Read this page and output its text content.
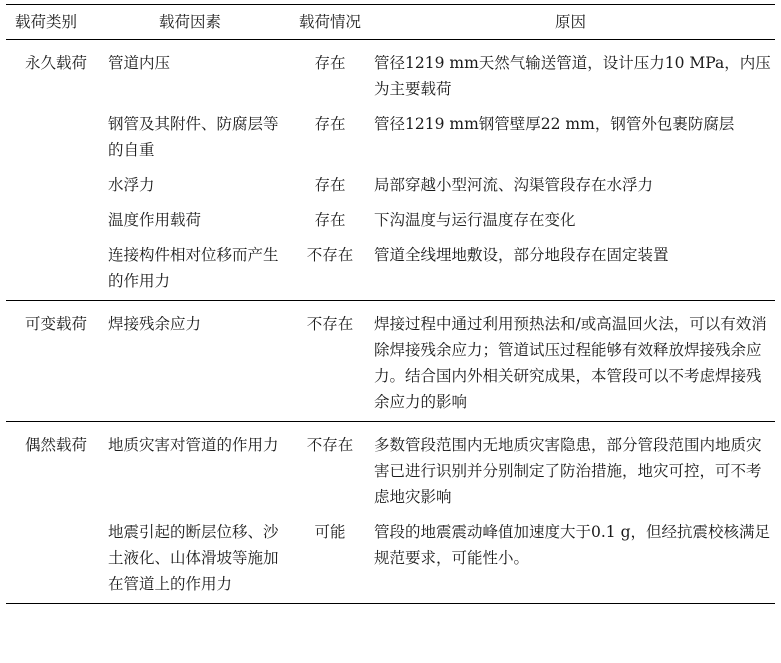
载荷类别	载荷因素	载荷情况	原因
永久载荷	管道内压	存在	管径1219 mm天然气输送管道，设计压力10 MPa，内压为主要载荷
	钢管及其附件、防腐层等的自重	存在	管径1219 mm钢管壁厚22 mm，钢管外包裹防腐层
	水浮力	存在	局部穿越小型河流、沟渠管段存在水浮力
	温度作用载荷	存在	下沟温度与运行温度存在变化
	连接构件相对位移而产生的作用力	不存在	管道全线埋地敷设，部分地段存在固定装置
可变载荷	焊接残余应力	不存在	焊接过程中通过利用预热法和/或高温回火法，可以有效消除焊接残余应力；管道试压过程能够有效释放焊接残余应力。结合国内外相关研究成果，本管段可以不考虑焊接残余应力的影响
偶然载荷	地质灾害对管道的作用力	不存在	多数管段范围内无地质灾害隐患，部分管段范围内地质灾害已进行识别并分别制定了防治措施，地灾可控，可不考虑地灾影响
	地震引起的断层位移、沙土液化、山体滑坡等施加在管道上的作用力	可能	管段的地震震动峰值加速度大于0.1 g，但经抗震校核满足规范要求，可能性小。
